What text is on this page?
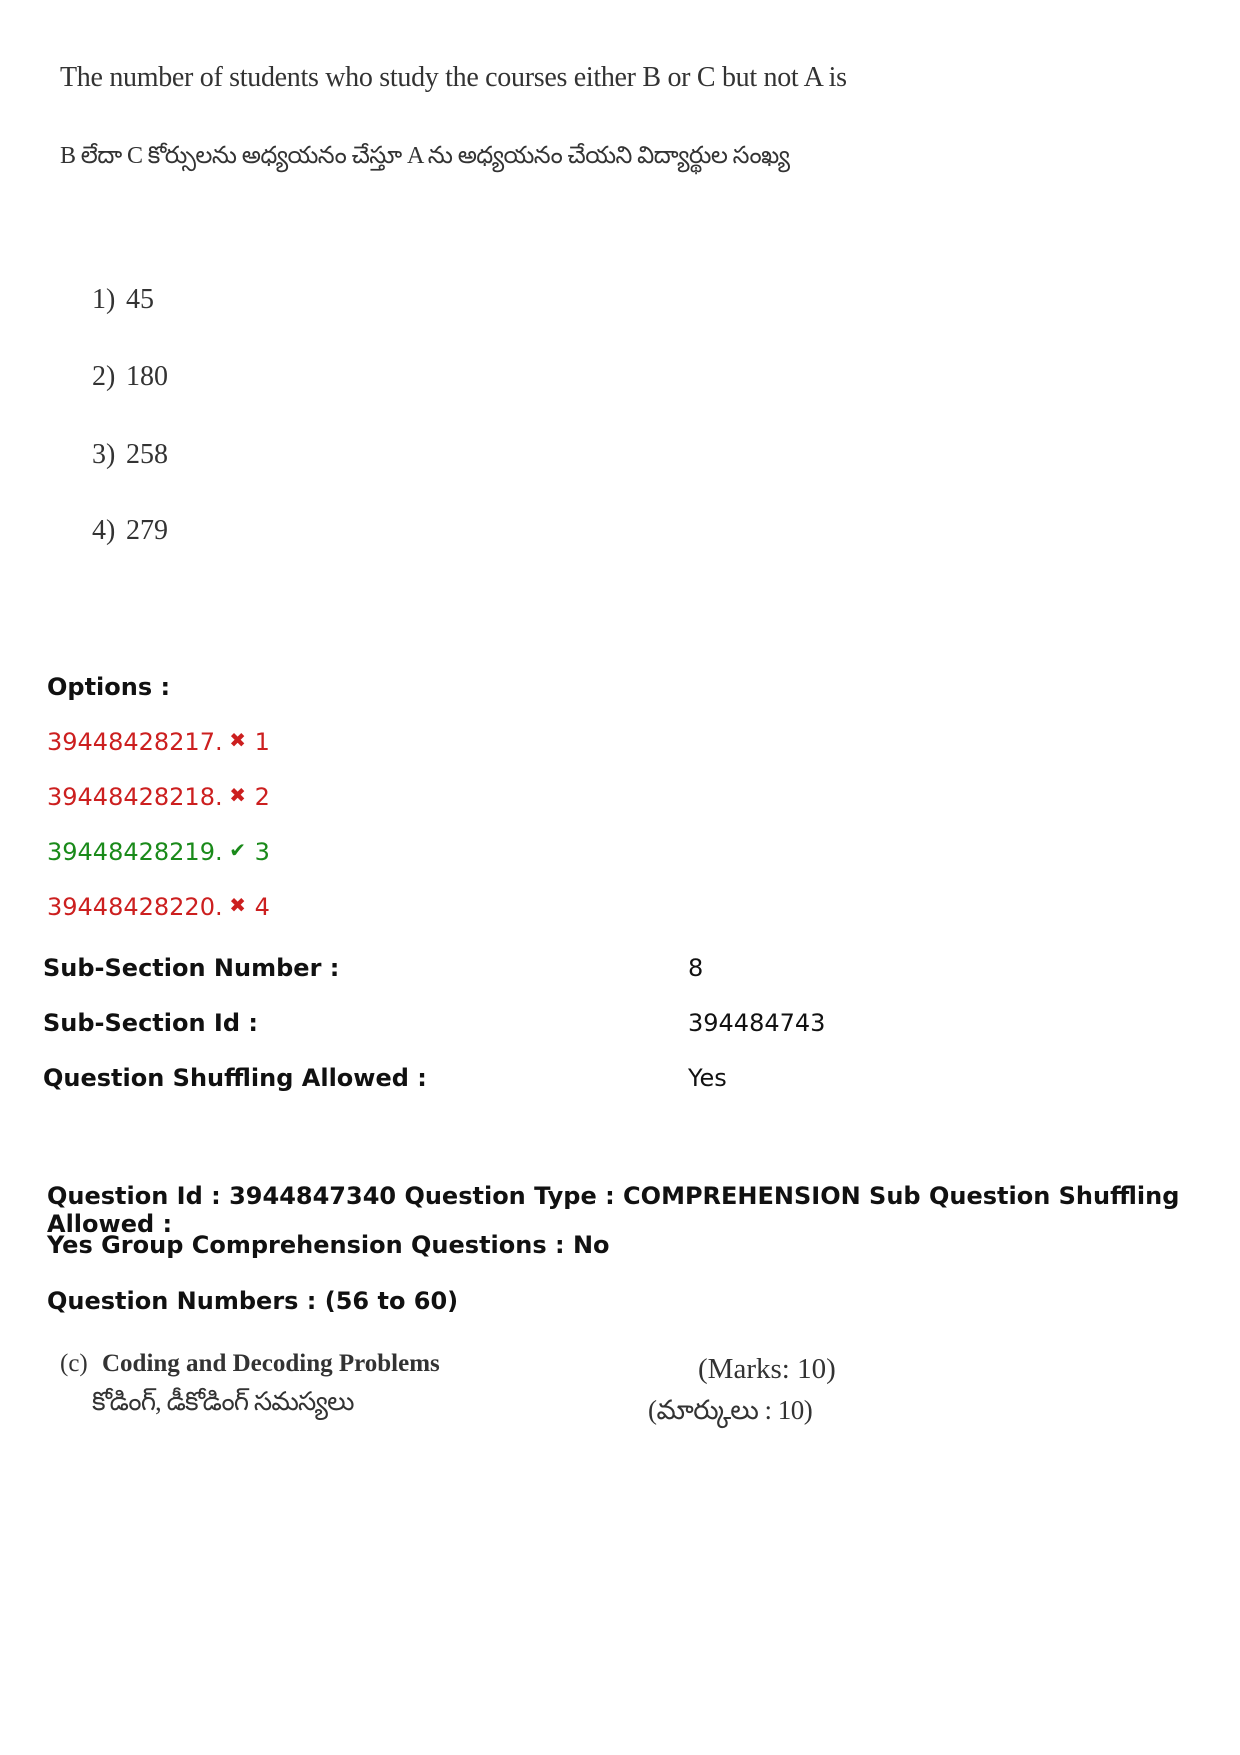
The number of students who study the courses either B or C but not A is
B లేదా C కోర్సులను అధ్యయనం చేస్తూ A ను అధ్యయనం చేయని విద్యార్థుల సంఖ్య
1) 45
2) 180
3) 258
4) 279
Options :
39448428217. ✖ 1
39448428218. ✖ 2
39448428219. ✔ 3
39448428220. ✖ 4
Sub-Section Number :	8
Sub-Section Id :	394484743
Question Shuffling Allowed :	Yes
Question Id : 3944847340 Question Type : COMPREHENSION Sub Question Shuffling Allowed :
Yes Group Comprehension Questions : No
Question Numbers : (56 to 60)
(c) Coding and Decoding Problems
కోడింగ్, డీకోడింగ్ సమస్యలు
(Marks: 10)
(మార్కులు : 10)
